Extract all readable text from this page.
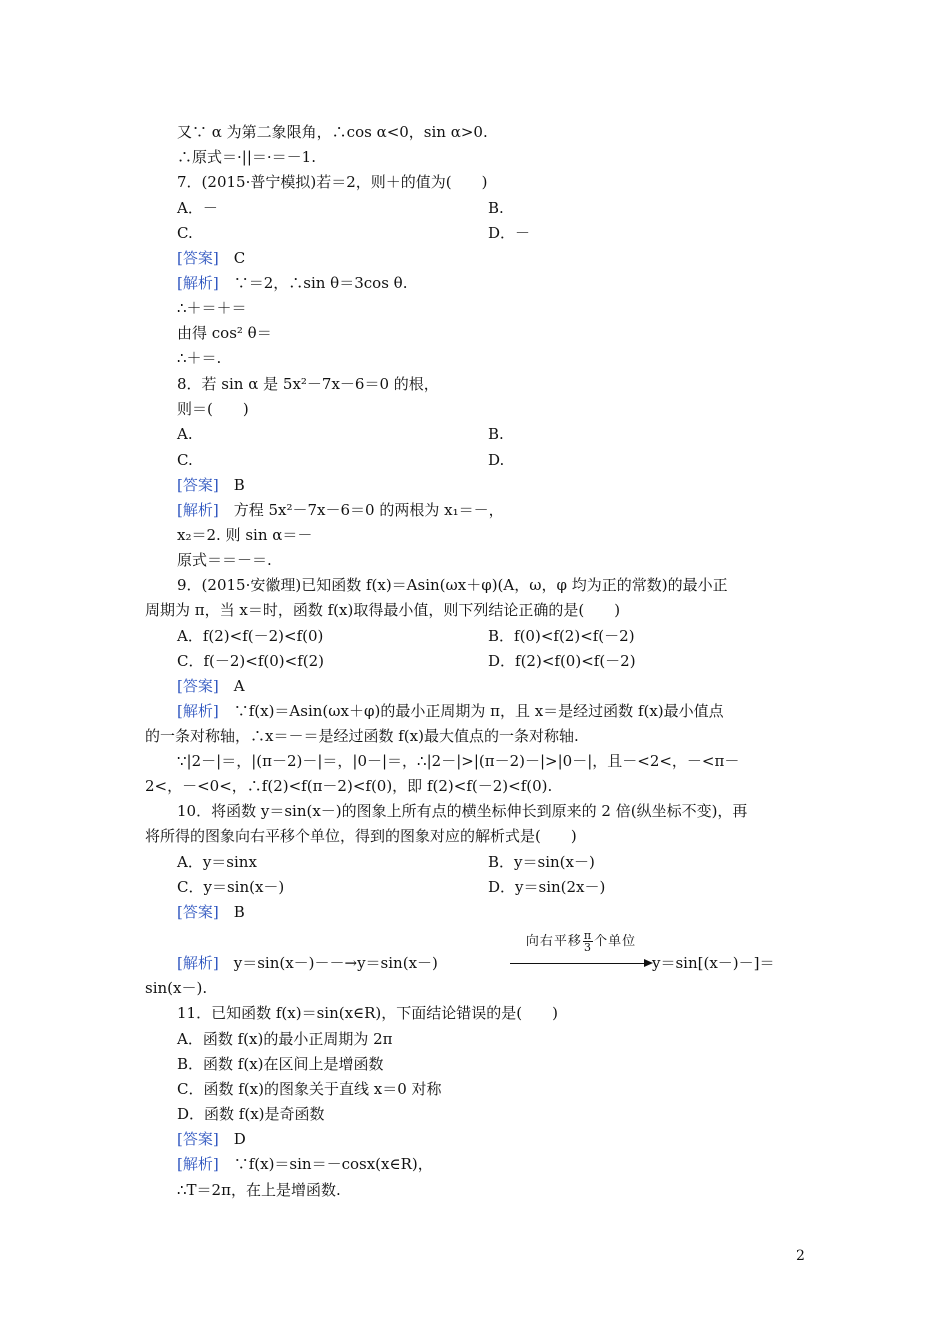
又∵ α 为第二象限角，∴cos α<0，sin α>0.
∴原式＝·||＝·＝－1.
7．(2015·普宁模拟)若＝2，则＋的值为(　　)
A．－	B.
C.	D．－
[答案]　C
[解析]　∵＝2，∴sin θ＝3cos θ.
∴＋＝＋＝
由得 cos² θ＝
∴＋＝.
8．若 sin α 是 5x²－7x－6＝0 的根，
则＝(　　)
A.	B.
C.	D.
[答案]　B
[解析]　方程 5x²－7x－6＝0 的两根为 x₁＝－，
x₂＝2. 则 sin α＝－
原式＝＝－＝.
9．(2015·安徽理)已知函数 f(x)＝Asin(ωx＋φ)(A，ω，φ 均为正的常数)的最小正
周期为 π，当 x＝时，函数 f(x)取得最小值，则下列结论正确的是(　　)
A．f(2)<f(－2)<f(0)	B．f(0)<f(2)<f(－2)
C．f(－2)<f(0)<f(2)	D．f(2)<f(0)<f(－2)
[答案]　A
[解析]　∵f(x)＝Asin(ωx＋φ)的最小正周期为 π，且 x＝是经过函数 f(x)最小值点
的一条对称轴，∴x＝－＝是经过函数 f(x)最大值点的一条对称轴.
∵|2－|＝，|(π－2)－|＝，|0－|＝，∴|2－|>|(π－2)－|>|0－|，且－<2<，－<π－
2<，－<0<，∴f(2)<f(π－2)<f(0)，即 f(2)<f(－2)<f(0).
10．将函数 y＝sin(x－)的图象上所有点的横坐标伸长到原来的 2 倍(纵坐标不变)，再
将所得的图象向右平移个单位，得到的图象对应的解析式是(　　)
A．y＝sinx	B．y＝sin(x－)
C．y＝sin(x－)	D．y＝sin(2x－)
[答案]　B
[解析]　y＝sin(x－)－－→y＝sin(x－)	y＝sin[(x－)－]＝
sin(x－).
11．已知函数 f(x)＝sin(x∈R)，下面结论错误的是(　　)
A．函数 f(x)的最小正周期为 2π
B．函数 f(x)在区间上是增函数
C．函数 f(x)的图象关于直线 x＝0 对称
D．函数 f(x)是奇函数
[答案]　D
[解析]　∵f(x)＝sin＝－cosx(x∈R)，
∴T＝2π，在上是增函数.
向右平移 $\frac{\pi}{3}$ 个单位
2
